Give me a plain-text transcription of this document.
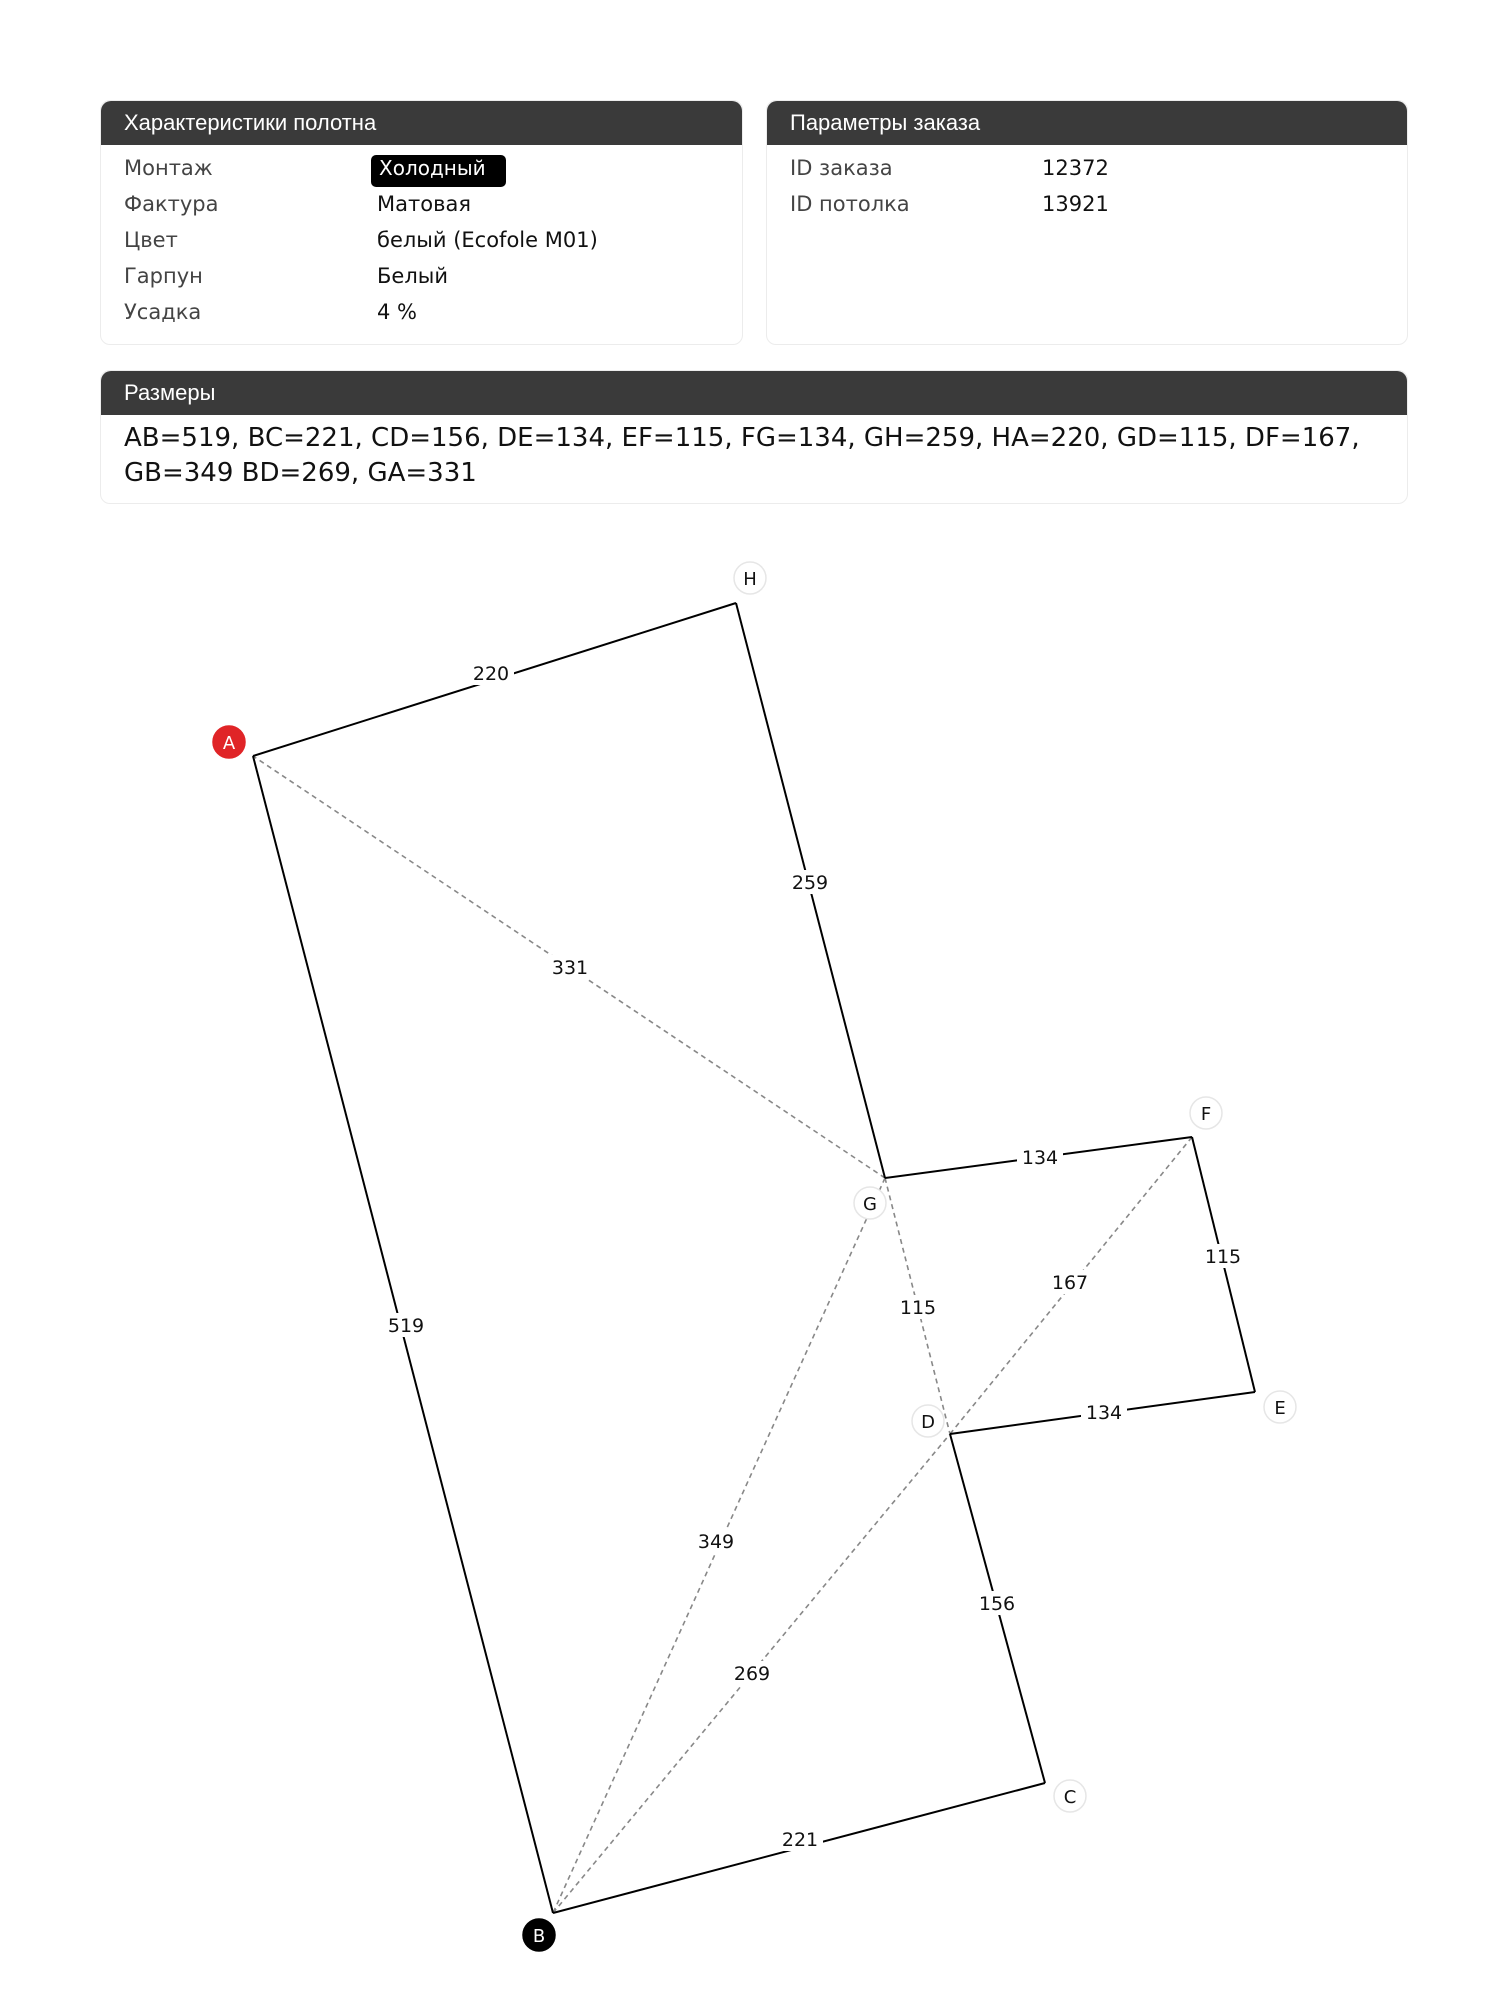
Характеристики полотна
Монтаж	Холодный
Фактура	Матовая
Цвет	белый (Ecofole M01)
Гарпун	Белый
Усадка	4 %
Параметры заказа
ID заказа	12372
ID потолка	13921
Размеры
AB=519, BC=221, CD=156, DE=134, EF=115, FG=134, GH=259, HA=220, GD=115, DF=167, GB=349 BD=269, GA=331
519
221
156
134
115
134
259
220
115
167
349
269
331
A
B
C
D
E
F
G
H
